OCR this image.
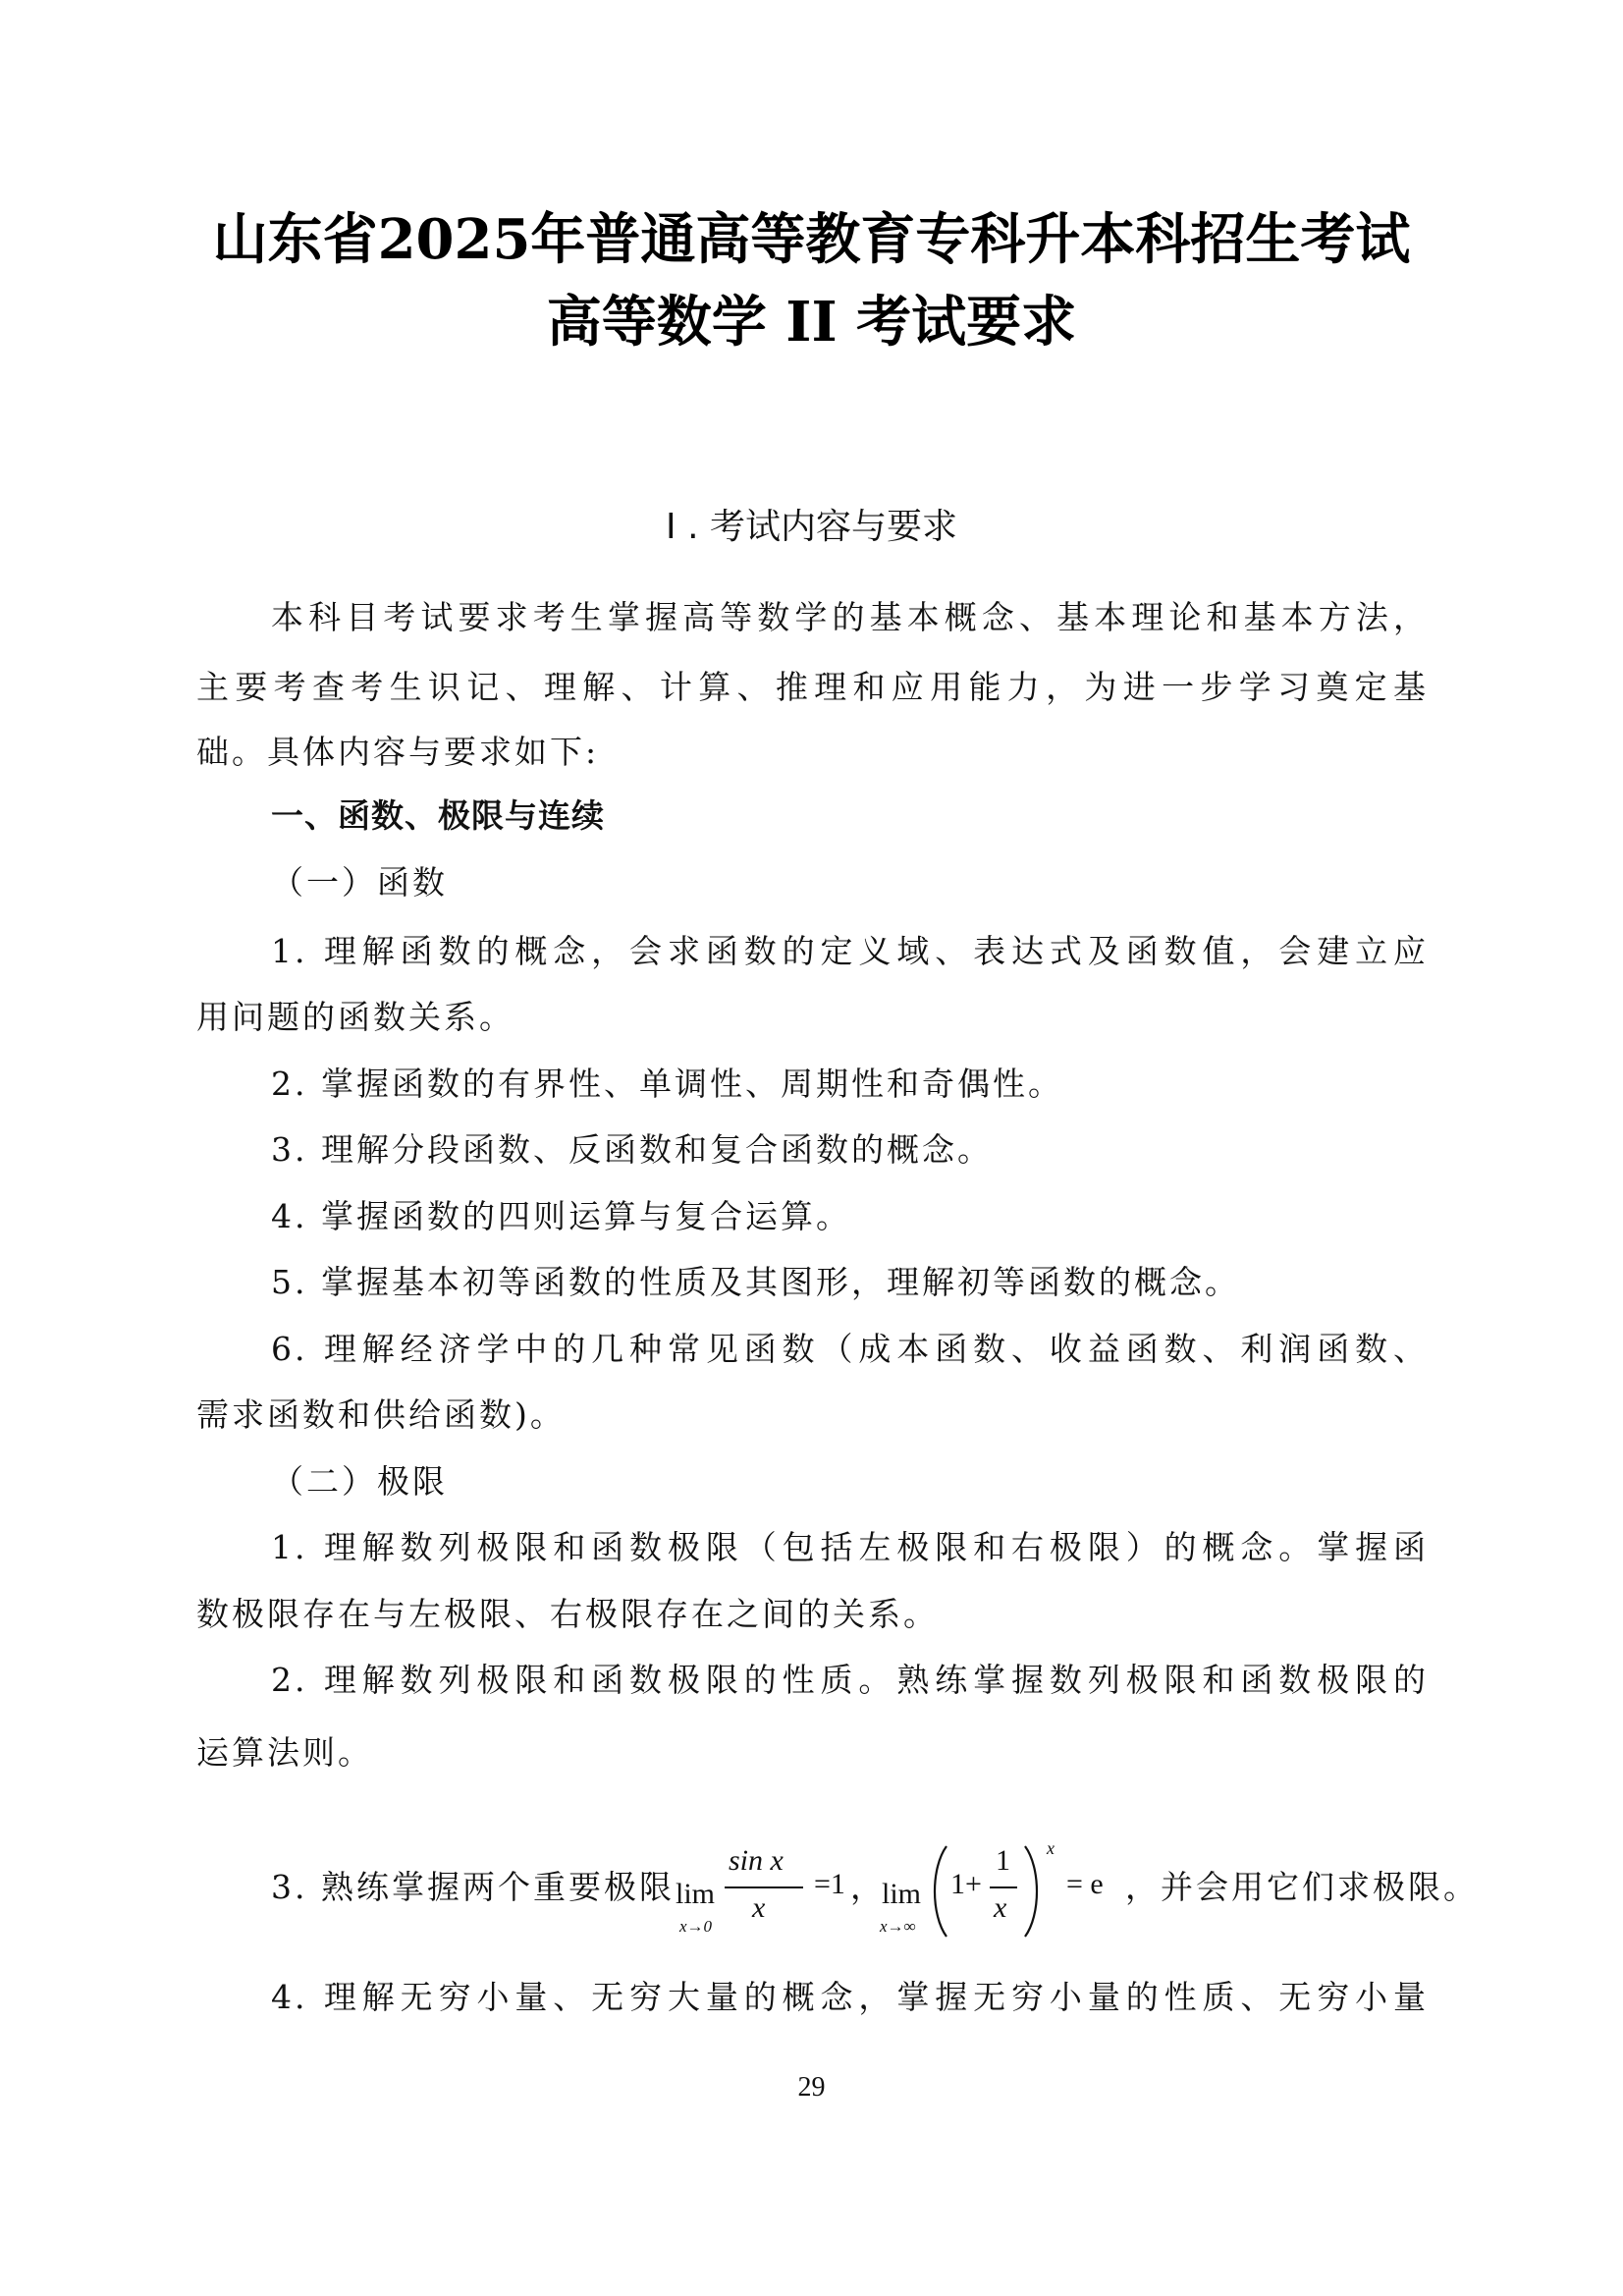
山东省2025年普通高等教育专科升本科招生考试
高等数学 II 考试要求
I . 考试内容与要求
本科目考试要求考生掌握高等数学的基本概念、基本理论和基本方法，
主要考查考生识记、理解、计算、推理和应用能力，为进一步学习奠定基
础。具体内容与要求如下:
一、函数、极限与连续
（一）函数
1. 理解函数的概念，会求函数的定义域、表达式及函数值，会建立应
用问题的函数关系。
2. 掌握函数的有界性、单调性、周期性和奇偶性。
3. 理解分段函数、反函数和复合函数的概念。
4. 掌握函数的四则运算与复合运算。
5. 掌握基本初等函数的性质及其图形，理解初等函数的概念。
6. 理解经济学中的几种常见函数（成本函数、收益函数、利润函数、
需求函数和供给函数)。
（二）极限
1. 理解数列极限和函数极限（包括左极限和右极限）的概念。掌握函
数极限存在与左极限、右极限存在之间的关系。
2. 理解数列极限和函数极限的性质。熟练掌握数列极限和函数极限的
运算法则。
3. 熟练掌握两个重要极限 lim
x→0
sin x
x
=1 ，
lim
x→∞
1+
1
x
x
= e ，并会用它们求极限。
4. 理解无穷小量、无穷大量的概念，掌握无穷小量的性质、无穷小量
29
